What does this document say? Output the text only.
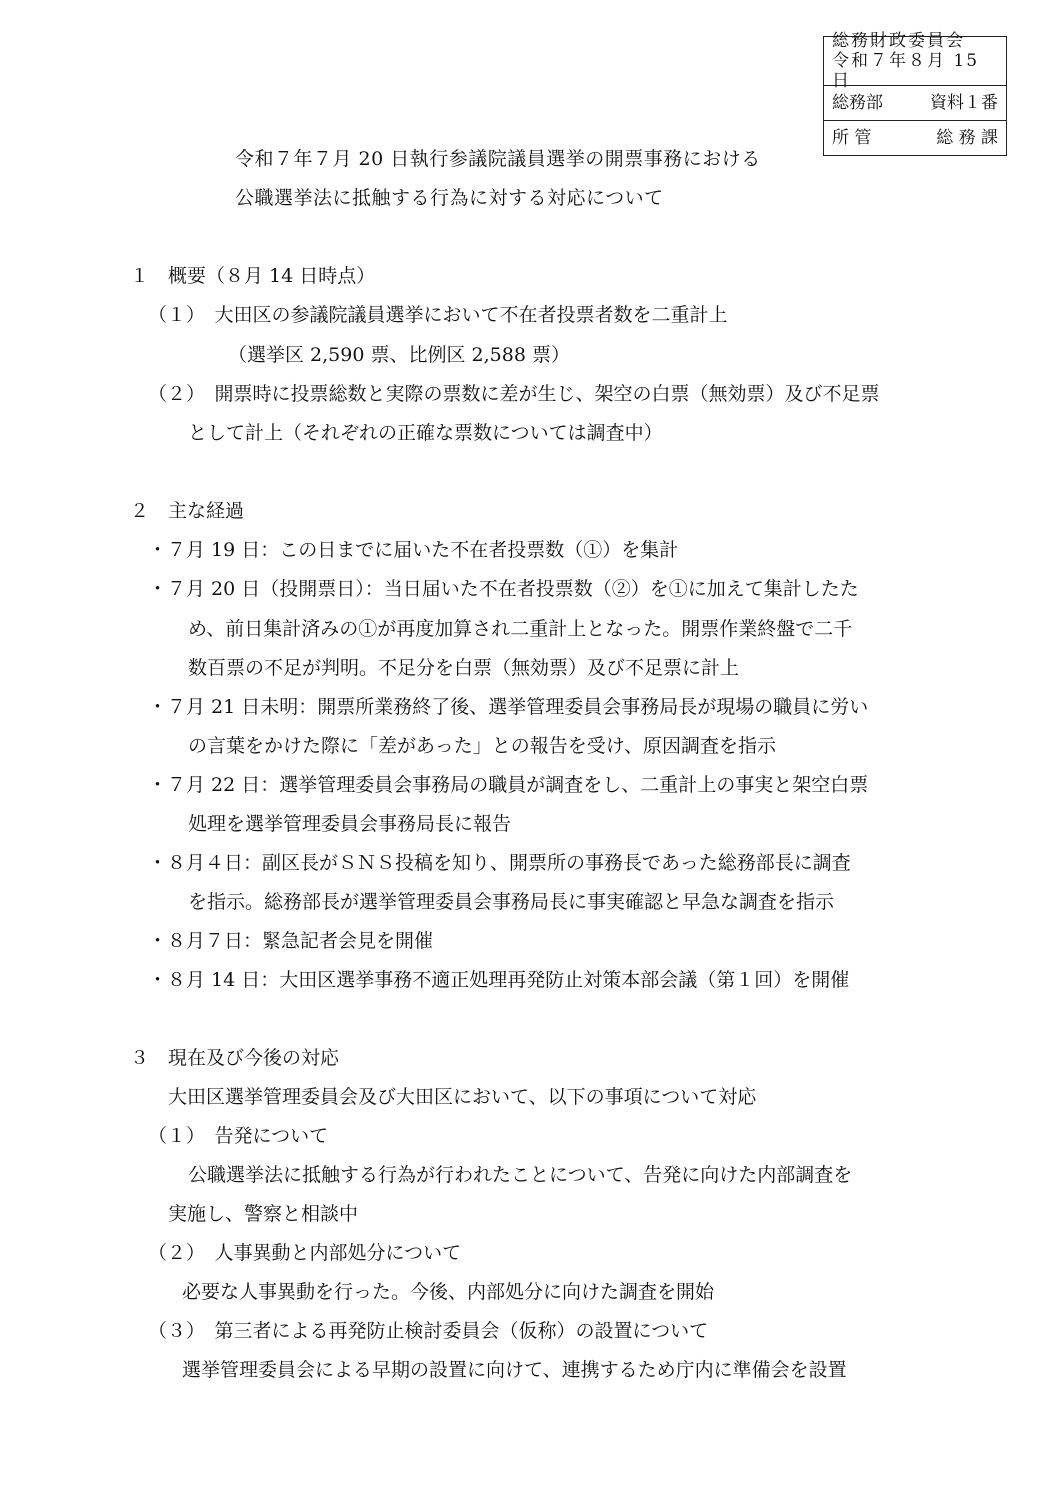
総務財政委員会
令和７年８月 15 日
総務部	資料１番
所 管	総 務 課
令和７年７月 20 日執行参議院議員選挙の開票事務における
公職選挙法に抵触する行為に対する対応について
１　概要（８月 14 日時点）
（１）　大田区の参議院議員選挙において不在者投票者数を二重計上
（選挙区 2,590 票、比例区 2,588 票）
（２）　開票時に投票総数と実際の票数に差が生じ、架空の白票（無効票）及び不足票
として計上（それぞれの正確な票数については調査中）
２　主な経過
・７月 19 日：この日までに届いた不在者投票数（①）を集計
・７月 20 日（投開票日）：当日届いた不在者投票数（②）を①に加えて集計したた
め、前日集計済みの①が再度加算され二重計上となった。開票作業終盤で二千
数百票の不足が判明。不足分を白票（無効票）及び不足票に計上
・７月 21 日未明：開票所業務終了後、選挙管理委員会事務局長が現場の職員に労い
の言葉をかけた際に「差があった」との報告を受け、原因調査を指示
・７月 22 日：選挙管理委員会事務局の職員が調査をし、二重計上の事実と架空白票
処理を選挙管理委員会事務局長に報告
・８月４日：副区長がＳＮＳ投稿を知り、開票所の事務長であった総務部長に調査
を指示。総務部長が選挙管理委員会事務局長に事実確認と早急な調査を指示
・８月７日：緊急記者会見を開催
・８月 14 日：大田区選挙事務不適正処理再発防止対策本部会議（第１回）を開催
３　現在及び今後の対応
大田区選挙管理委員会及び大田区において、以下の事項について対応
（１）　告発について
公職選挙法に抵触する行為が行われたことについて、告発に向けた内部調査を
実施し、警察と相談中
（２）　人事異動と内部処分について
必要な人事異動を行った。今後、内部処分に向けた調査を開始
（３）　第三者による再発防止検討委員会（仮称）の設置について
選挙管理委員会による早期の設置に向けて、連携するため庁内に準備会を設置
